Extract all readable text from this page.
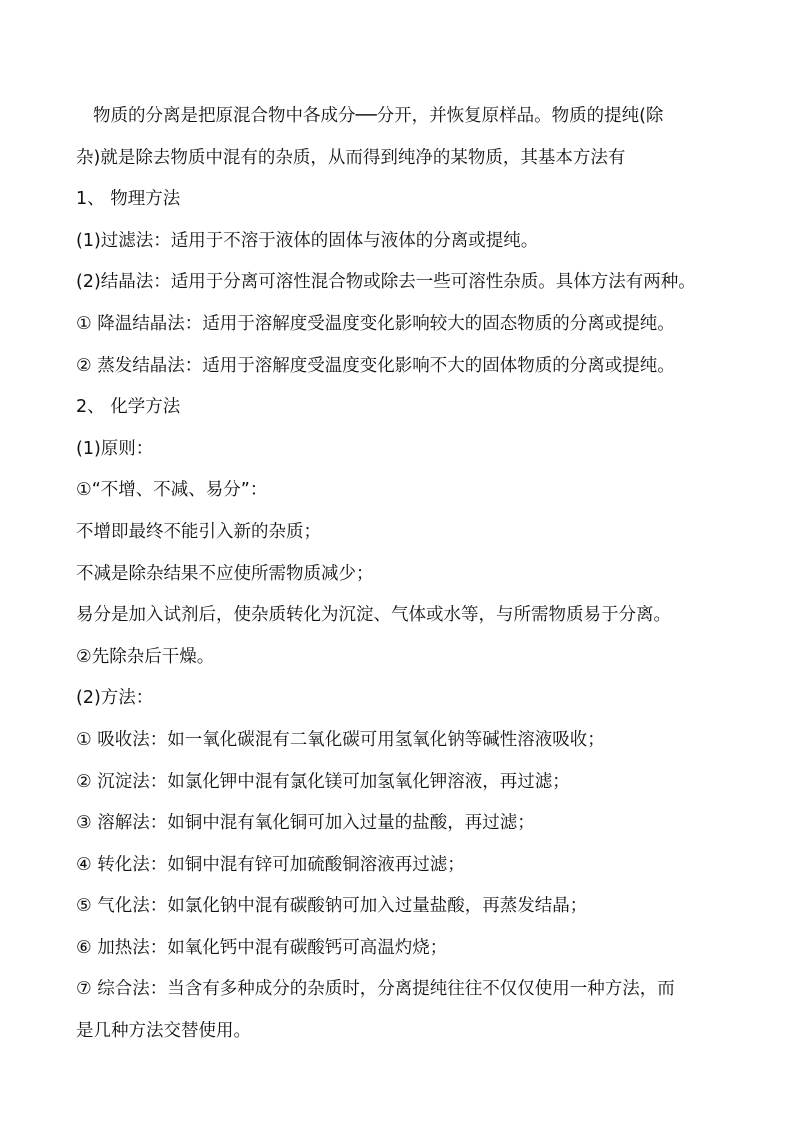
物质的分离是把原混合物中各成分──分开，并恢复原样品。物质的提纯(除

杂)就是除去物质中混有的杂质，从而得到纯净的某物质，其基本方法有

1、 物理方法

(1)过滤法：适用于不溶于液体的固体与液体的分离或提纯。

(2)结晶法：适用于分离可溶性混合物或除去一些可溶性杂质。具体方法有两种。

① 降温结晶法：适用于溶解度受温度变化影响较大的固态物质的分离或提纯。

② 蒸发结晶法：适用于溶解度受温度变化影响不大的固体物质的分离或提纯。

2、 化学方法

(1)原则：

①“不增、不减、易分”：

不增即最终不能引入新的杂质；

不减是除杂结果不应使所需物质减少；

易分是加入试剂后，使杂质转化为沉淀、气体或水等，与所需物质易于分离。

②先除杂后干燥。

(2)方法：

① 吸收法：如一氧化碳混有二氧化碳可用氢氧化钠等碱性溶液吸收；

② 沉淀法：如氯化钾中混有氯化镁可加氢氧化钾溶液，再过滤；

③ 溶解法：如铜中混有氧化铜可加入过量的盐酸，再过滤；

④ 转化法：如铜中混有锌可加硫酸铜溶液再过滤；

⑤ 气化法：如氯化钠中混有碳酸钠可加入过量盐酸，再蒸发结晶；

⑥ 加热法：如氧化钙中混有碳酸钙可高温灼烧；

⑦ 综合法：当含有多种成分的杂质时，分离提纯往往不仅仅使用一种方法，而

是几种方法交替使用。
